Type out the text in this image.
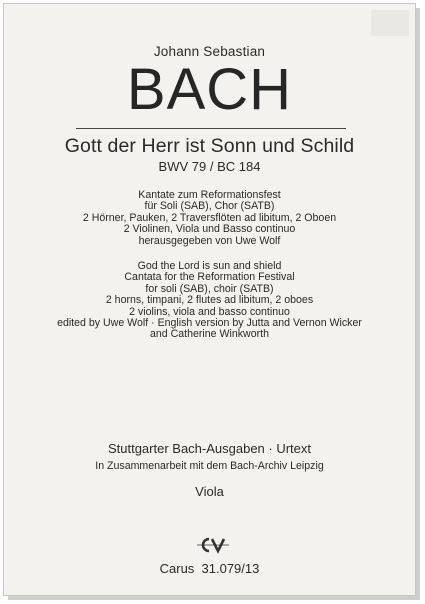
Johann Sebastian
BACH
Gott der Herr ist Sonn und Schild
BWV 79 / BC 184
Kantate zum Reformationsfest
für Soli (SAB), Chor (SATB)
2 Hörner, Pauken, 2 Traversflöten ad libitum, 2 Oboen
2 Violinen, Viola und Basso continuo
herausgegeben von Uwe Wolf
God the Lord is sun and shield
Cantata for the Reformation Festival
for soli (SAB), choir (SATB)
2 horns, timpani, 2 flutes ad libitum, 2 oboes
2 violins, viola and basso continuo
edited by Uwe Wolf · English version by Jutta and Vernon Wicker
and Catherine Winkworth
Stuttgarter Bach-Ausgaben · Urtext
In Zusammenarbeit mit dem Bach-Archiv Leipzig
Viola
Carus  31.079/13
